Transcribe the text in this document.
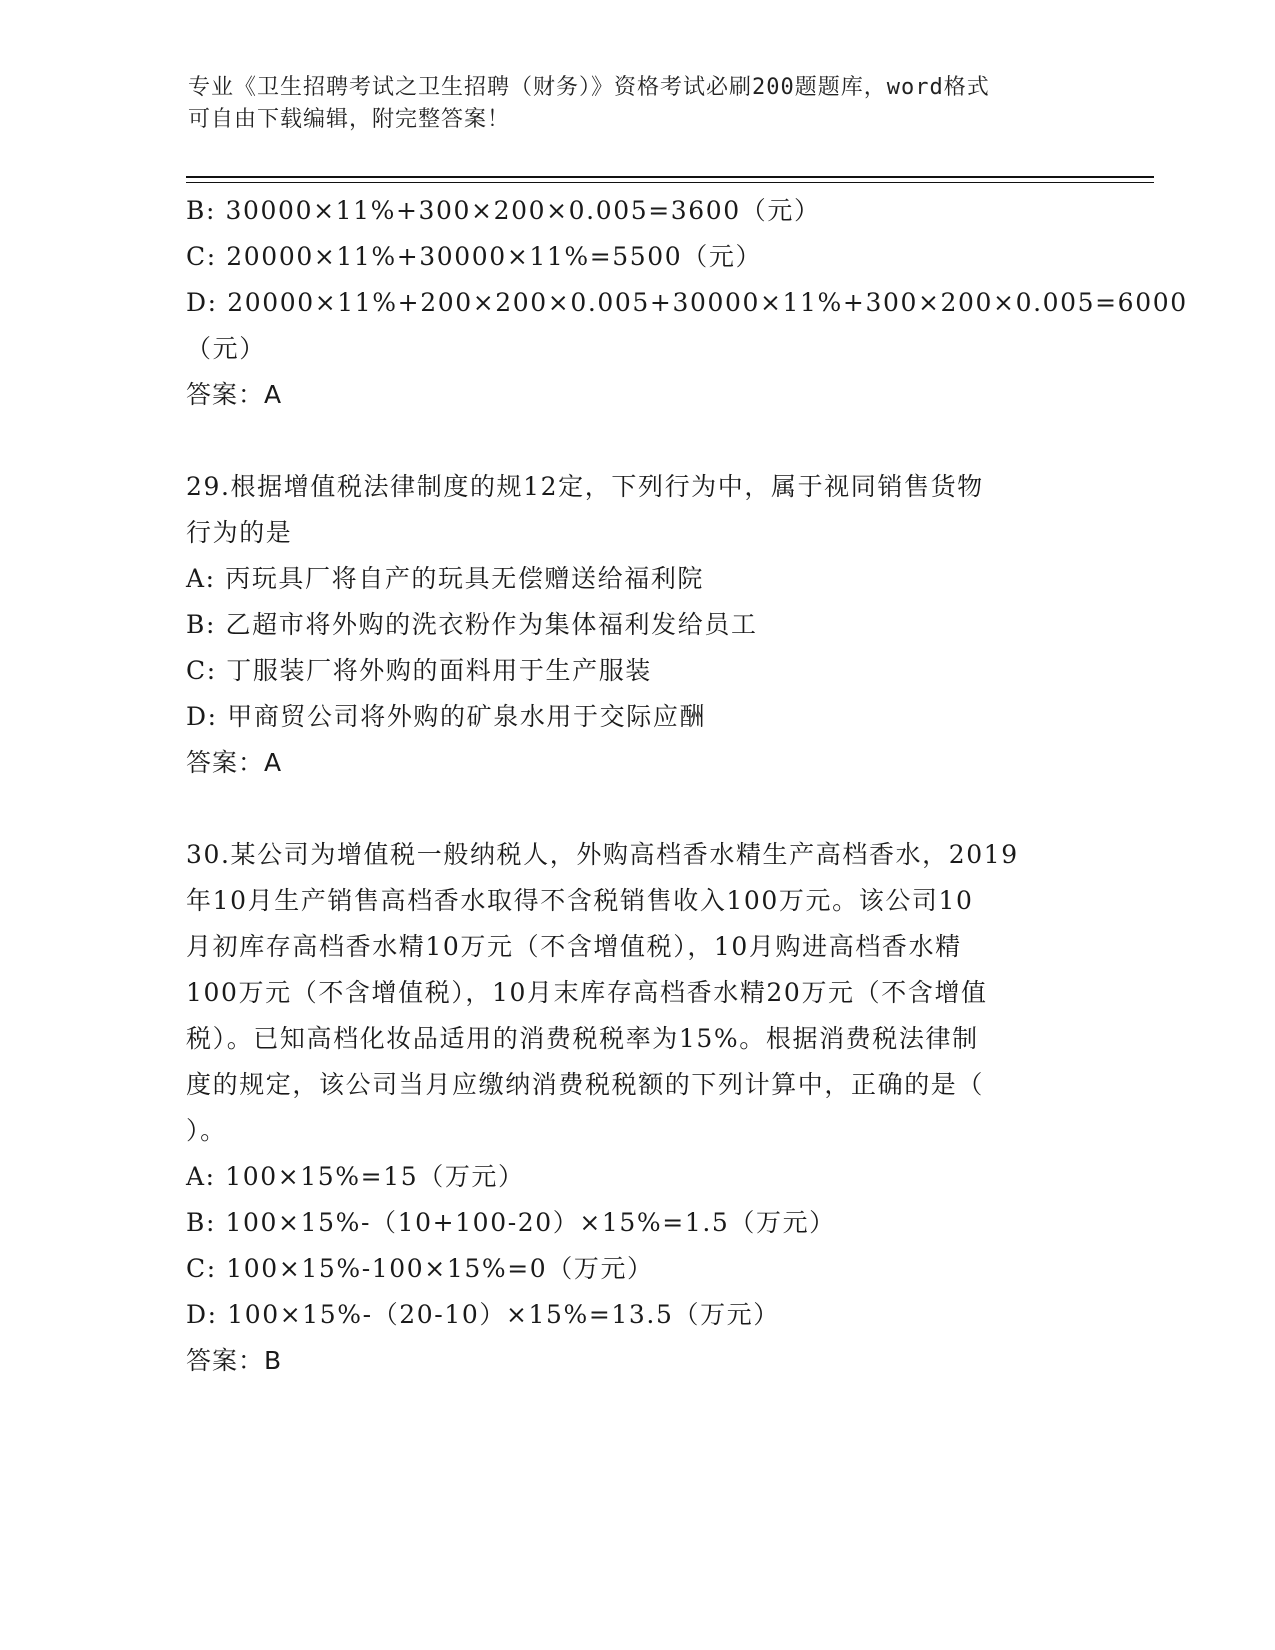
专业《卫生招聘考试之卫生招聘（财务）》资格考试必刷200题题库，word格式
可自由下载编辑，附完整答案！
B: 30000×11%+300×200×0.005=3600（元）
C: 20000×11%+30000×11%=5500（元）
D: 20000×11%+200×200×0.005+30000×11%+300×200×0.005=6000
（元）
答案：A
29.根据增值税法律制度的规12定，下列行为中，属于视同销售货物
行为的是
A: 丙玩具厂将自产的玩具无偿赠送给福利院
B: 乙超市将外购的洗衣粉作为集体福利发给员工
C: 丁服装厂将外购的面料用于生产服装
D: 甲商贸公司将外购的矿泉水用于交际应酬
答案：A
30.某公司为增值税一般纳税人，外购高档香水精生产高档香水，2019
年10月生产销售高档香水取得不含税销售收入100万元。该公司10
月初库存高档香水精10万元（不含增值税），10月购进高档香水精
100万元（不含增值税），10月末库存高档香水精20万元（不含增值
税）。已知高档化妆品适用的消费税税率为15%。根据消费税法律制
度的规定，该公司当月应缴纳消费税税额的下列计算中，正确的是（
）。
A: 100×15%=15（万元）
B: 100×15%-（10+100-20）×15%=1.5（万元）
C: 100×15%-100×15%=0（万元）
D: 100×15%-（20-10）×15%=13.5（万元）
答案：B
